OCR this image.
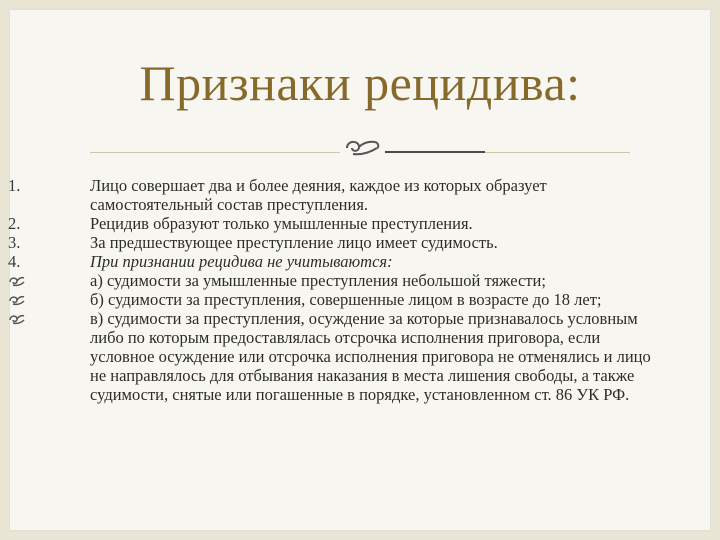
Признаки рецидива:
1.	Лицо совершает два и более деяния, каждое из которых образует самостоятельный состав преступления.
2.	Рецидив образуют только умышленные преступления.
3.	За предшествующее преступление лицо имеет судимость.
4.	При признании рецидива не учитываются:
а) судимости за умышленные преступления небольшой тяжести;
б) судимости за преступления, совершенные лицом в возрасте до 18 лет;
в) судимости за преступления, осуждение за которые признавалось условным либо по которым предоставлялась отсрочка исполнения приговора, если условное осуждение или отсрочка исполнения приговора не отменялись и лицо не направлялось для отбывания наказания в места лишения свободы, а также судимости, снятые или погашенные в порядке, установленном ст. 86 УК РФ.
